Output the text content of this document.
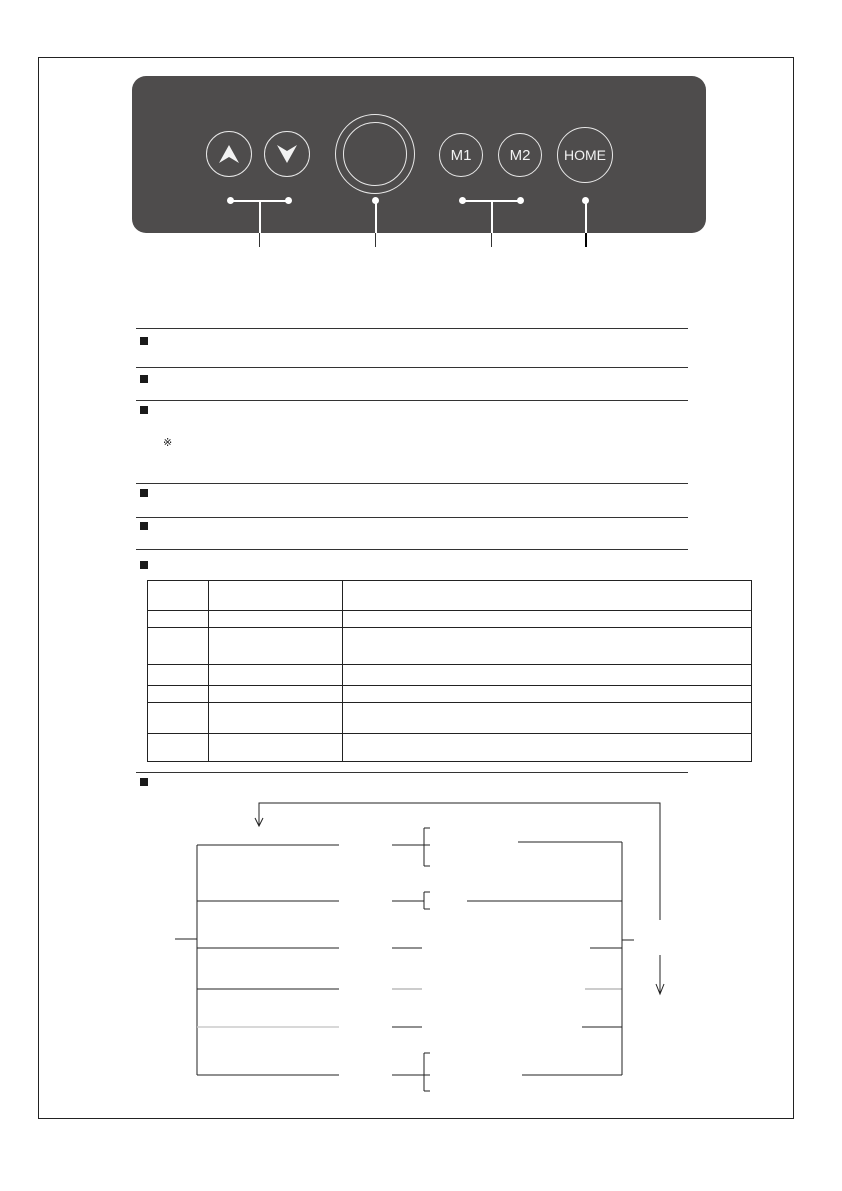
M1	M2 HOME
※
